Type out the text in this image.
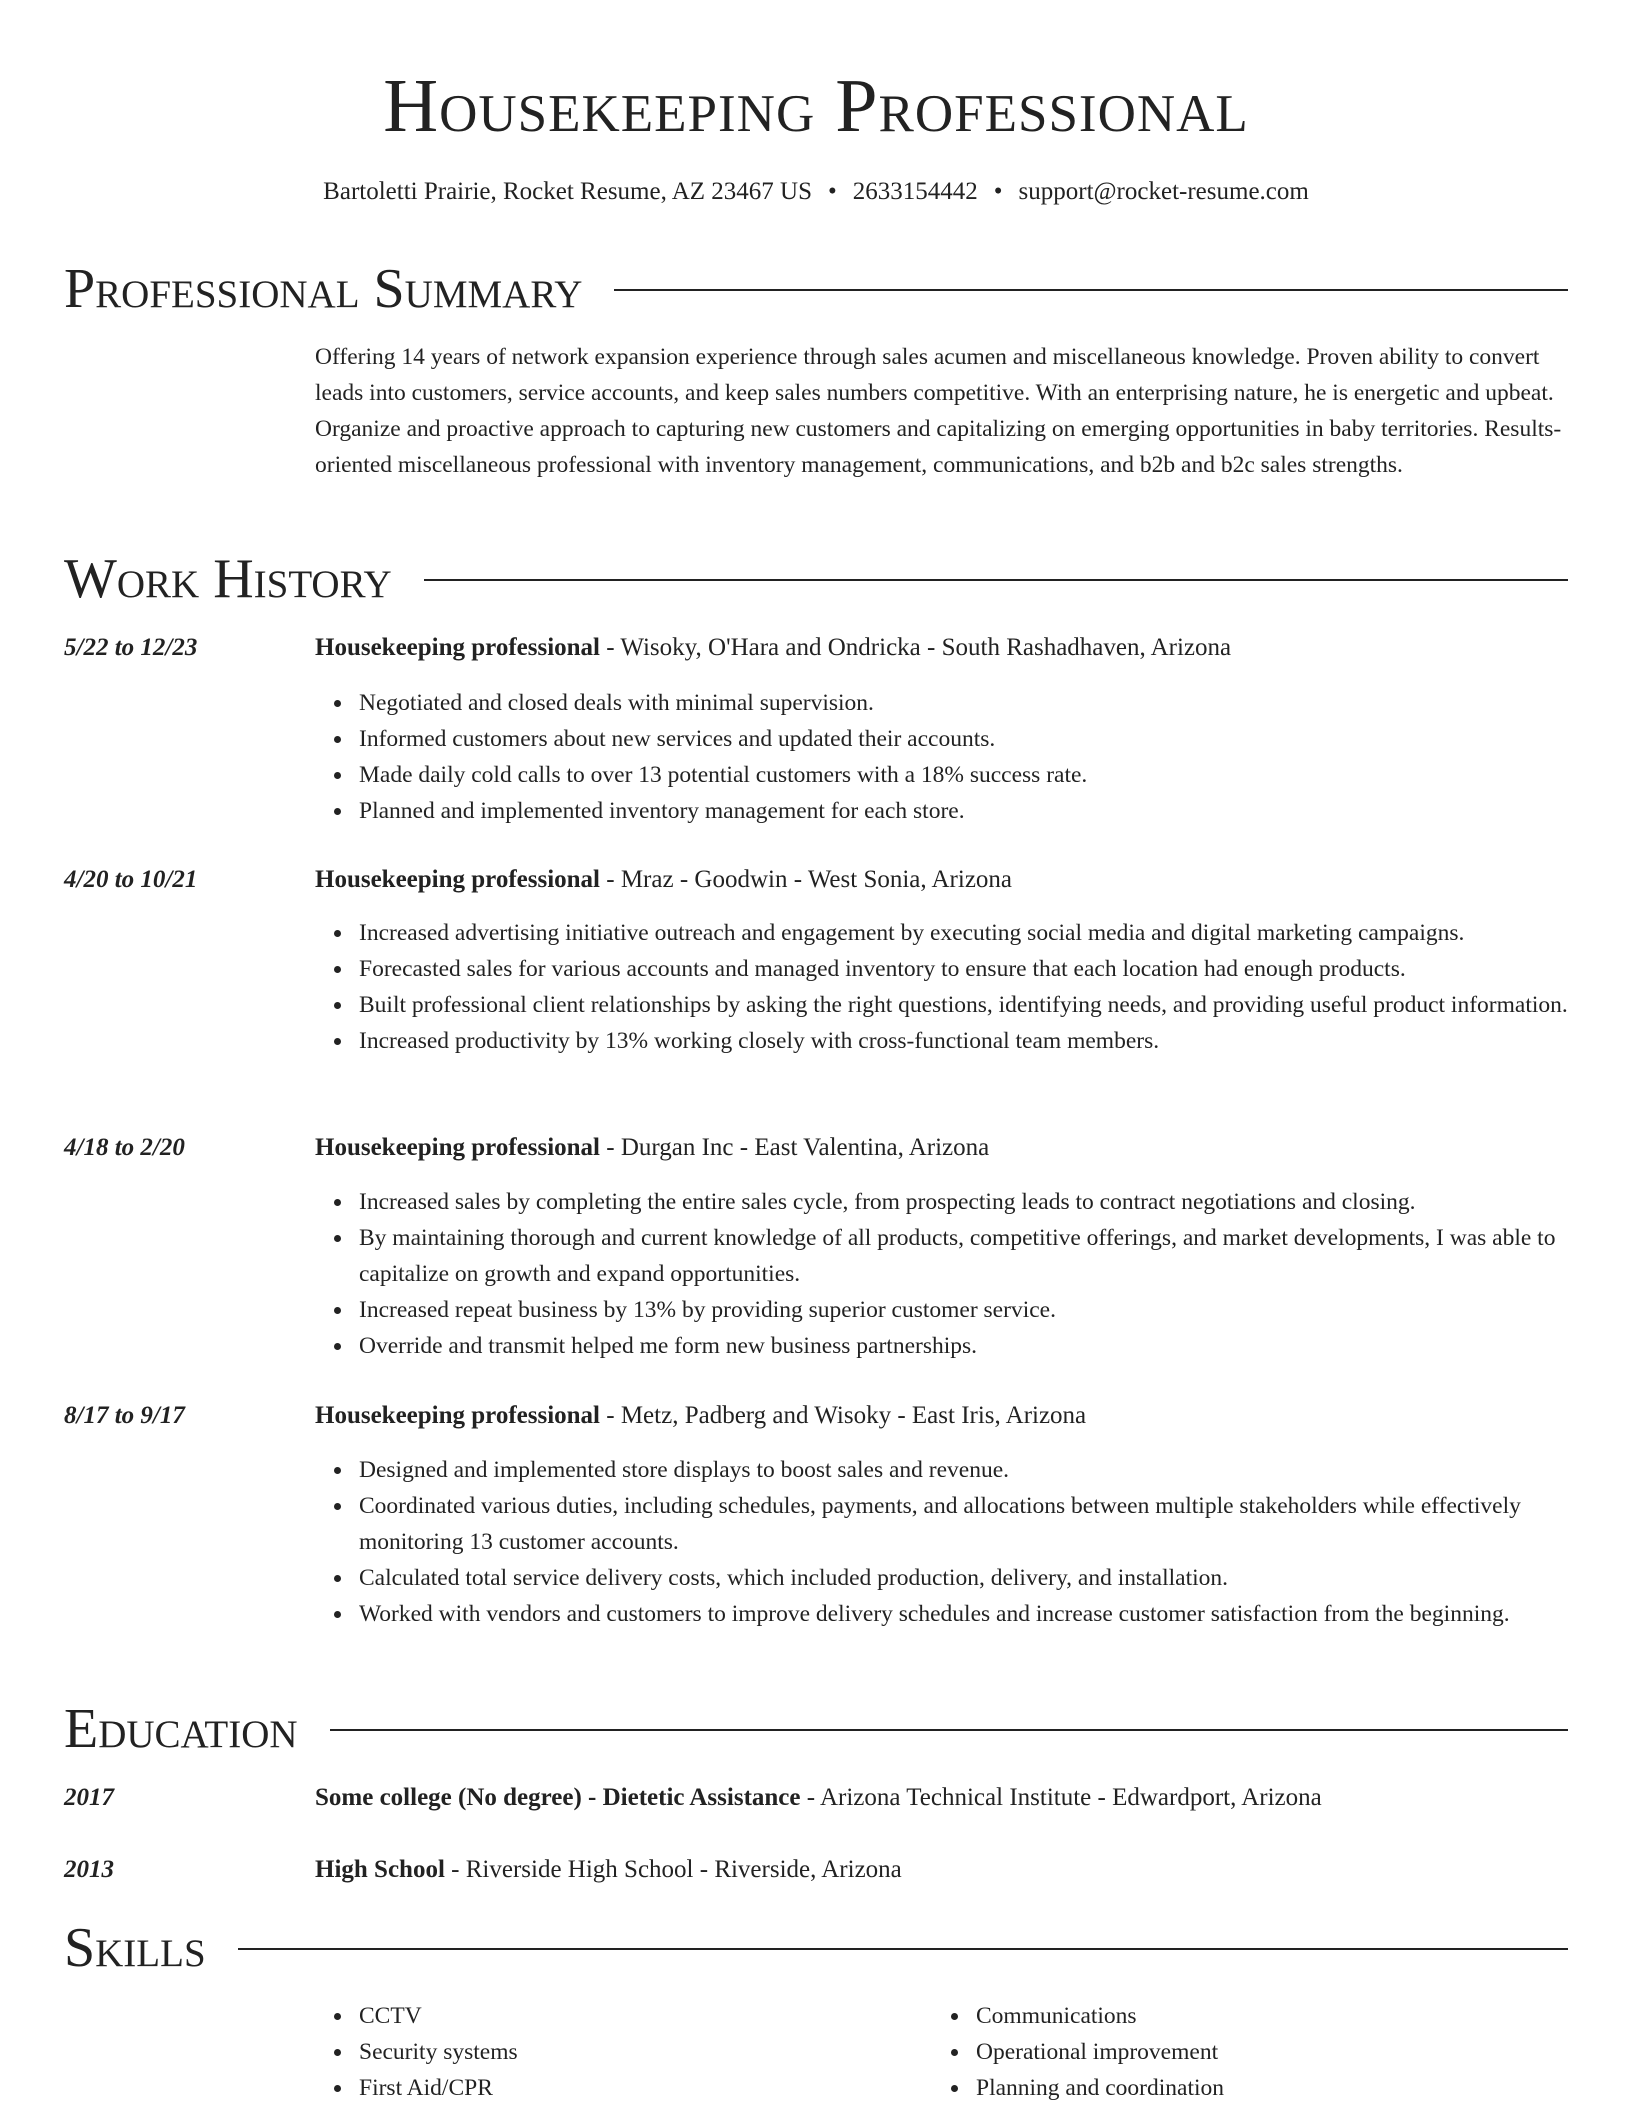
Housekeeping Professional
Bartoletti Prairie, Rocket Resume, AZ 23467 US • 2633154442 • support@rocket-resume.com
Professional Summary

Offering 14 years of network expansion experience through sales acumen and miscellaneous knowledge. Proven ability to convert leads into customers, service accounts, and keep sales numbers competitive. With an enterprising nature, he is energetic and upbeat. Organize and proactive approach to capturing new customers and capitalizing on emerging opportunities in baby territories. Results-oriented miscellaneous professional with inventory management, communications, and b2b and b2c sales strengths.

Work History
5/22 to 12/23	Housekeeping professional - Wisoky, O'Hara and Ondricka - South Rashadhaven, Arizona
Negotiated and closed deals with minimal supervision.
Informed customers about new services and updated their accounts.
Made daily cold calls to over 13 potential customers with a 18% success rate.
Planned and implemented inventory management for each store.
4/20 to 10/21	Housekeeping professional - Mraz - Goodwin - West Sonia, Arizona
Increased advertising initiative outreach and engagement by executing social media and digital marketing campaigns.
Forecasted sales for various accounts and managed inventory to ensure that each location had enough products.
Built professional client relationships by asking the right questions, identifying needs, and providing useful product information.
Increased productivity by 13% working closely with cross-functional team members.
4/18 to 2/20	Housekeeping professional - Durgan Inc - East Valentina, Arizona
Increased sales by completing the entire sales cycle, from prospecting leads to contract negotiations and closing.
By maintaining thorough and current knowledge of all products, competitive offerings, and market developments, I was able to capitalize on growth and expand opportunities.
Increased repeat business by 13% by providing superior customer service.
Override and transmit helped me form new business partnerships.
8/17 to 9/17	Housekeeping professional - Metz, Padberg and Wisoky - East Iris, Arizona
Designed and implemented store displays to boost sales and revenue.
Coordinated various duties, including schedules, payments, and allocations between multiple stakeholders while effectively monitoring 13 customer accounts.
Calculated total service delivery costs, which included production, delivery, and installation.
Worked with vendors and customers to improve delivery schedules and increase customer satisfaction from the beginning.
Education
2017	Some college (No degree) - Dietetic Assistance - Arizona Technical Institute - Edwardport, Arizona
2013	High School - Riverside High School - Riverside, Arizona
Skills
CCTV
Security systems
First Aid/CPR
Communications
Operational improvement
Planning and coordination
